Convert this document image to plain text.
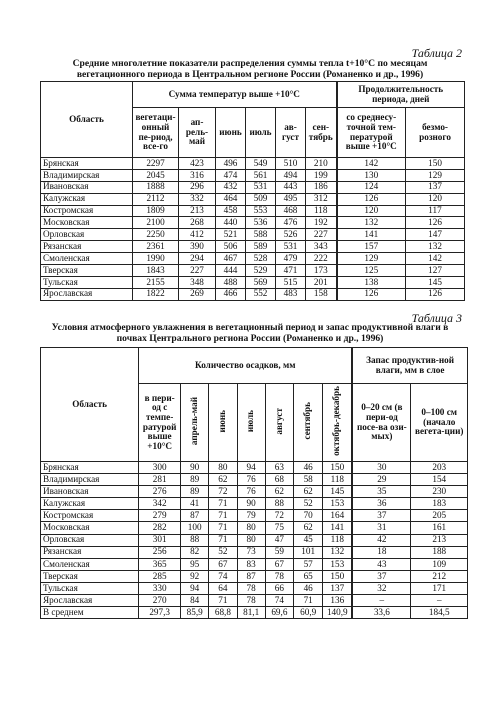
Таблица 2
Средние многолетние показатели распределения суммы тепла t+10°С по месяцам вегетационного периода в Центральном регионе России (Романенко и др., 1996)
Область	Сумма температур выше +10°С						Продолжительность периода, дней	
	вегетаци-онный пе-риод, все-го	ап-рель-май	июнь	июль	ав-густ	сен-тябрь	со среднесу-точной тем-пературой выше +10°С	безмо-розного
Брянская	2297	423	496	549	510	210	142	150
Владимирская	2045	316	474	561	494	199	130	129
Ивановская	1888	296	432	531	443	186	124	137
Калужская	2112	332	464	509	495	312	126	120
Костромская	1809	213	458	553	468	118	120	117
Московская	2100	268	440	536	476	192	132	126
Орловская	2250	412	521	588	526	227	141	147
Рязанская	2361	390	506	589	531	343	157	132
Смоленская	1990	294	467	528	479	222	129	142
Тверская	1843	227	444	529	471	173	125	127
Тульская	2155	348	488	569	515	201	138	145
Ярославская	1822	269	466	552	483	158	126	126
Таблица 3
Условия атмосферного увлажнения в вегетационный период и запас продуктивной влаги в почвах Центрального региона России (Романенко и др., 1996)
Область	Количество осадков, мм							Запас продуктив-ной влаги, мм в слое	
	в пери-од с темпе-ратурой выше +10°С	апрель-май	июнь	июль	август	сентябрь	октябрь-декабрь	0–20 см (в пери-од посе-ва ози-мых)	0–100 см (начало вегета-ции)
Брянская	300	90	80	94	63	46	150	30	203
Владимирская	281	89	62	76	68	58	118	29	154
Ивановская	276	89	72	76	62	62	145	35	230
Калужская	342	41	71	90	88	52	153	36	183
Костромская	279	87	71	79	72	70	164	37	205
Московская	282	100	71	80	75	62	141	31	161
Орловская	301	88	71	80	47	45	118	42	213
Рязанская	256	82	52	73	59	101	132	18	188
Смоленская	365	95	67	83	67	57	153	43	109
Тверская	285	92	74	87	78	65	150	37	212
Тульская	330	94	64	78	66	46	137	32	171
Ярославская	270	84	71	78	74	71	136	–	–
В среднем	297,3	85,9	68,8	81,1	69,6	60,9	140,9	33,6	184,5
